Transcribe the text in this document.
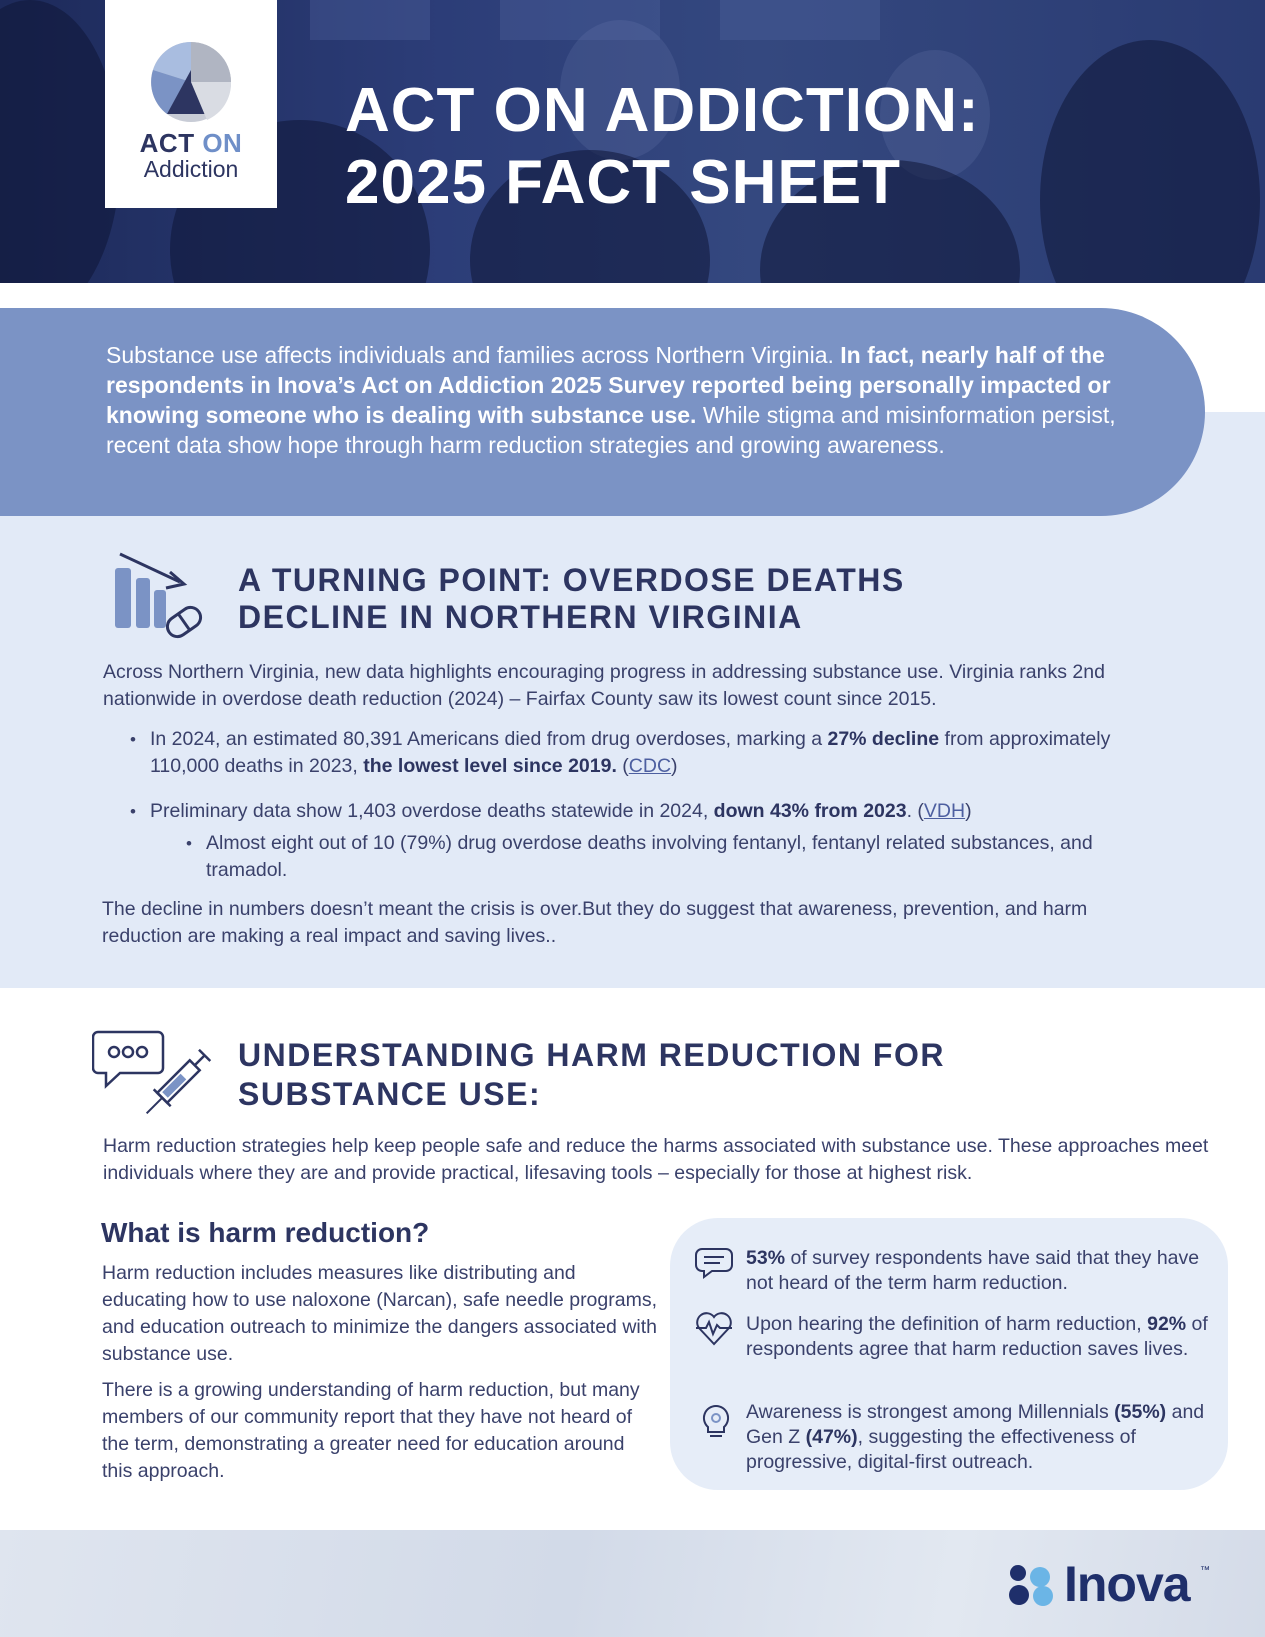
ACT ON ADDICTION:
2025 FACT SHEET
ACT ON
Addiction
Substance use affects individuals and families across Northern Virginia. In fact, nearly half of the respondents in Inova’s Act on Addiction 2025 Survey reported being personally impacted or knowing someone who is dealing with substance use. While stigma and misinformation persist, recent data show hope through harm reduction strategies and growing awareness.
A TURNING POINT: OVERDOSE DEATHS
DECLINE IN NORTHERN VIRGINIA
Across Northern Virginia, new data highlights encouraging progress in addressing substance use. Virginia ranks 2nd nationwide in overdose death reduction (2024) – Fairfax County saw its lowest count since 2015.
• In 2024, an estimated 80,391 Americans died from drug overdoses, marking a 27% decline from approximately 110,000 deaths in 2023, the lowest level since 2019. (CDC)
• Preliminary data show 1,403 overdose deaths statewide in 2024, down 43% from 2023. (VDH)
• Almost eight out of 10 (79%) drug overdose deaths involving fentanyl, fentanyl related substances, and tramadol.
The decline in numbers doesn’t meant the crisis is over.But they do suggest that awareness, prevention, and harm reduction are making a real impact and saving lives..
UNDERSTANDING HARM REDUCTION FOR
SUBSTANCE USE:
Harm reduction strategies help keep people safe and reduce the harms associated with substance use. These approaches meet individuals where they are and provide practical, lifesaving tools – especially for those at highest risk.
What is harm reduction?
Harm reduction includes measures like distributing and educating how to use naloxone (Narcan), safe needle programs, and education outreach to minimize the dangers associated with substance use.
There is a growing understanding of harm reduction, but many members of our community report that they have not heard of the term, demonstrating a greater need for education around this approach.
53% of survey respondents have said that they have not heard of the term harm reduction.
Upon hearing the definition of harm reduction, 92% of respondents agree that harm reduction saves lives.
Awareness is strongest among Millennials (55%) and Gen Z (47%), suggesting the effectiveness of progressive, digital-first outreach.
Inova ™
